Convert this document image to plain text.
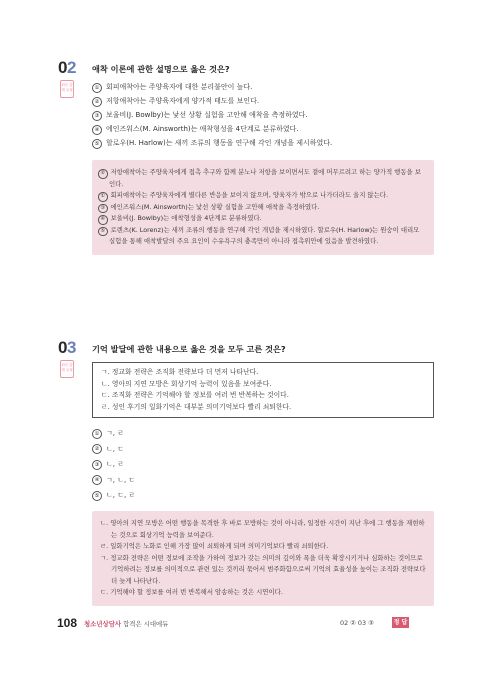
02
최신 출제 유형
애착 이론에 관한 설명으로 옳은 것은?
① 회피애착아는 주양육자에 대한 분리불안이 높다.
② 저항애착아는 주양육자에게 양가적 태도를 보인다.
③ 보울비(J. Bowlby)는 낯선 상황 실험을 고안해 애착을 측정하였다.
④ 에인즈워스(M. Ainsworth)는 애착형성을 4단계로 분류하였다.
⑤ 할로우(H. Harlow)는 새끼 조류의 행동을 연구해 각인 개념을 제시하였다.

② 저항애착아는 주양육자에게 접촉 추구와 함께 분노나 저항을 보이면서도 곁에 머무르려고 하는 양가적 행동을 보인다.

① 회피애착아는 주양육자에게 별다른 반응을 보이지 않으며, 양육자가 밖으로 나가더라도 울지 않는다.

③ 에인즈워스(M. Ainsworth)는 낯선 상황 실험을 고안해 애착을 측정하였다.

④ 보울비(J. Bowlby)는 애착형성을 4단계로 분류하였다.

⑤ 로렌츠(K. Lorenz)는 새끼 조류의 행동을 연구해 각인 개념을 제시하였다. 할로우(H. Harlow)는 원숭이 대리모 실험을 통해 애착발달의 주요 요인이 수유욕구의 충족만이 아니라 접촉위안에 있음을 발견하였다.

03
최신 출제 유형
기억 발달에 관한 내용으로 옳은 것을 모두 고른 것은?

ㄱ. 정교화 전략은 조직화 전략보다 더 먼저 나타난다.

ㄴ. 영아의 지연 모방은 회상기억 능력이 있음을 보여준다.

ㄷ. 조직화 전략은 기억해야 할 정보를 여러 번 반복하는 것이다.

ㄹ. 성인 후기의 일화기억은 대부분 의미기억보다 빨리 쇠퇴한다.

① ㄱ, ㄹ
② ㄴ, ㄷ
③ ㄴ, ㄹ
④ ㄱ, ㄴ, ㄷ
⑤ ㄴ, ㄷ, ㄹ

ㄴ. 영아의 지연 모방은 어떤 행동을 목격한 후 바로 모방하는 것이 아니라, 일정한 시간이 지난 후에 그 행동을 재현하는 것으로 회상기억 능력을 보여준다.

ㄹ. 일화기억은 노화로 인해 가장 많이 쇠퇴하게 되며 의미기억보다 빨리 쇠퇴한다.

ㄱ. 정교화 전략은 어떤 정보에 조작을 가하여 정보가 갖는 의미의 깊이와 폭을 더욱 확장시키거나 심화하는 것이므로 기억하려는 정보를 의미적으로 관련 있는 것끼리 묶어서 범주화함으로써 기억의 효율성을 높이는 조직화 전략보다 더 늦게 나타난다.

ㄷ. 기억해야 할 정보를 여러 번 반복해서 암송하는 것은 시연이다.

108 청소년상담사 합격은 시대에듀	02 ② 03 ③	정 답
